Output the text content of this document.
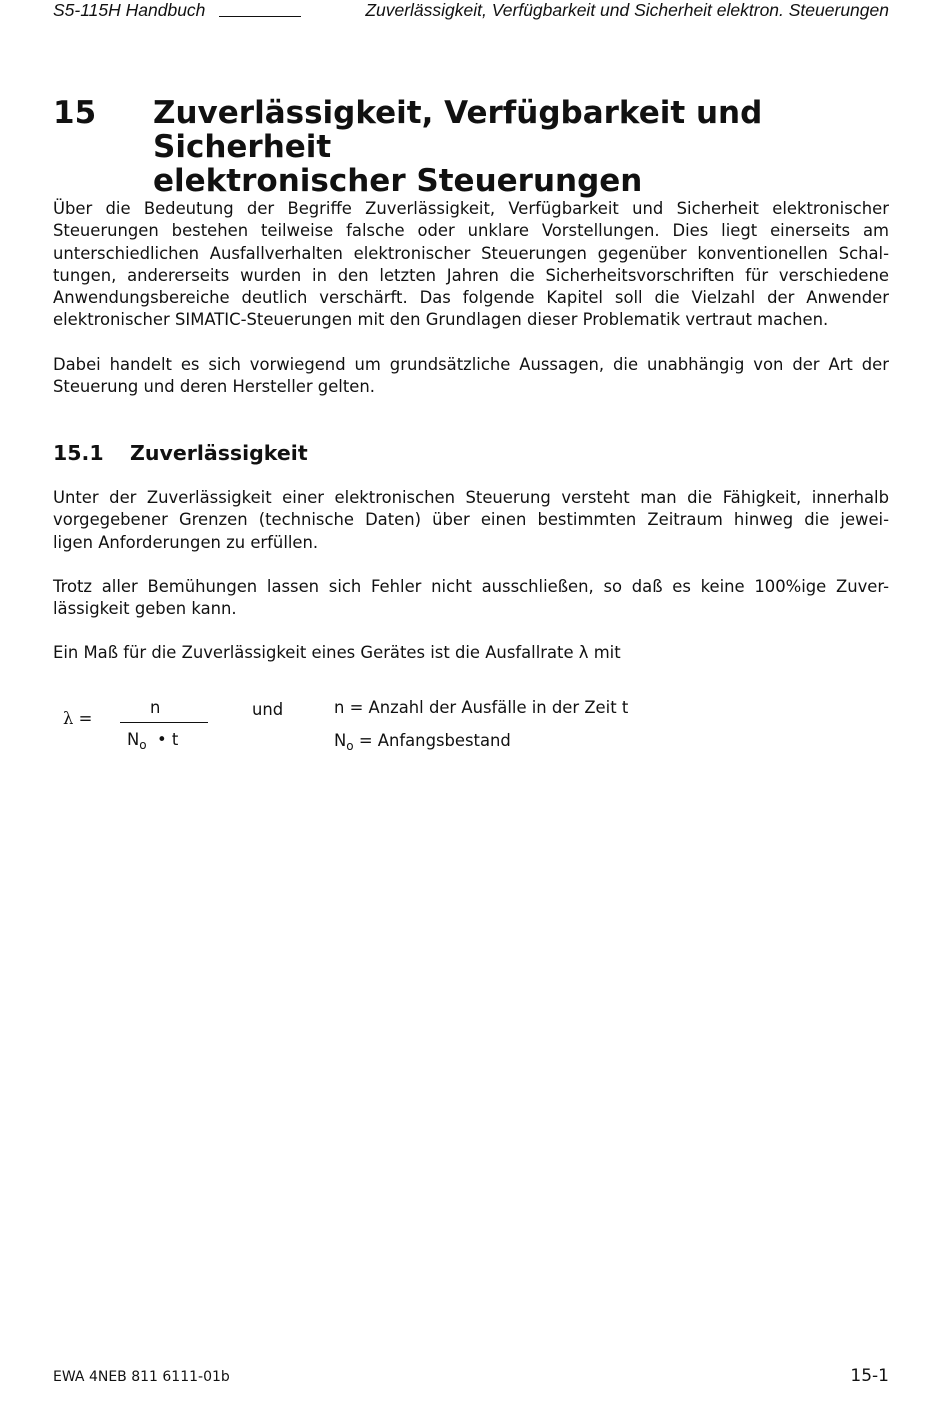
S5-115H Handbuch	Zuverlässigkeit, Verfügbarkeit und Sicherheit elektron. Steuerungen
15 Zuverlässigkeit, Verfügbarkeit und Sicherheit
elektronischer Steuerungen
Über die Bedeutung der Begriffe Zuverlässigkeit, Verfügbarkeit und Sicherheit elektronischer
Steuerungen bestehen teilweise falsche oder unklare Vorstellungen. Dies liegt einerseits am
unterschiedlichen Ausfallverhalten elektronischer Steuerungen gegenüber konventionellen Schal-
tungen, andererseits wurden in den letzten Jahren die Sicherheitsvorschriften für verschiedene
Anwendungsbereiche deutlich verschärft. Das folgende Kapitel soll die Vielzahl der Anwender
elektronischer SIMATIC-Steuerungen mit den Grundlagen dieser Problematik vertraut machen.
Dabei handelt es sich vorwiegend um grundsätzliche Aussagen, die unabhängig von der Art der
Steuerung und deren Hersteller gelten.
15.1 Zuverlässigkeit
Unter der Zuverlässigkeit einer elektronischen Steuerung versteht man die Fähigkeit, innerhalb
vorgegebener Grenzen (technische Daten) über einen bestimmten Zeitraum hinweg die jewei-
ligen Anforderungen zu erfüllen.
Trotz aller Bemühungen lassen sich Fehler nicht ausschließen, so daß es keine 100%ige Zuver-
lässigkeit geben kann.
Ein Maß für die Zuverlässigkeit eines Gerätes ist die Ausfallrate λ mit
λ =
n
$N_o$ • t
und	n = Anzahl der Ausfälle in der Zeit t
$N_o$ = Anfangsbestand
EWA 4NEB 811 6111-01b	15-1
